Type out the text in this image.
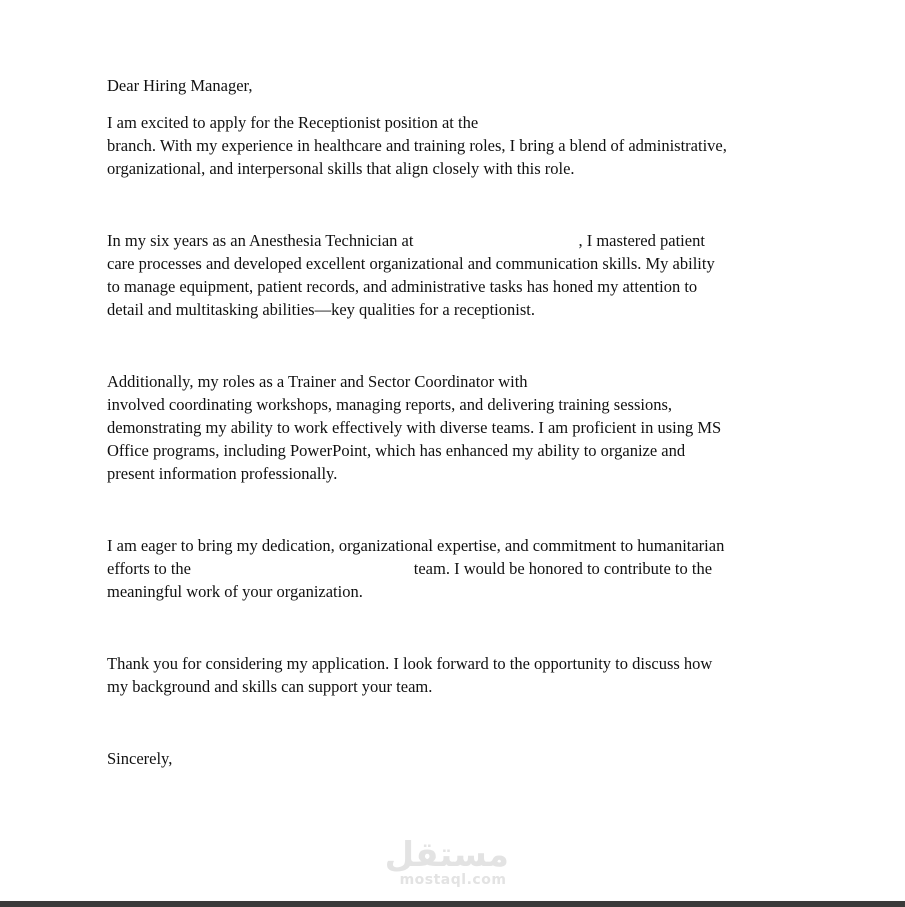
Dear Hiring Manager,

I am excited to apply for the Receptionist position at the
branch. With my experience in healthcare and training roles, I bring a blend of administrative,
organizational, and interpersonal skills that align closely with this role.

In my six years as an Anesthesia Technician at                                        , I mastered patient
care processes and developed excellent organizational and communication skills. My ability
to manage equipment, patient records, and administrative tasks has honed my attention to
detail and multitasking abilities—key qualities for a receptionist.

Additionally, my roles as a Trainer and Sector Coordinator with
involved coordinating workshops, managing reports, and delivering training sessions,
demonstrating my ability to work effectively with diverse teams. I am proficient in using MS
Office programs, including PowerPoint, which has enhanced my ability to organize and
present information professionally.

I am eager to bring my dedication, organizational expertise, and commitment to humanitarian
efforts to the                                                      team. I would be honored to contribute to the
meaningful work of your organization.

Thank you for considering my application. I look forward to the opportunity to discuss how
my background and skills can support your team.

Sincerely,

مستقل
mostaql.com
